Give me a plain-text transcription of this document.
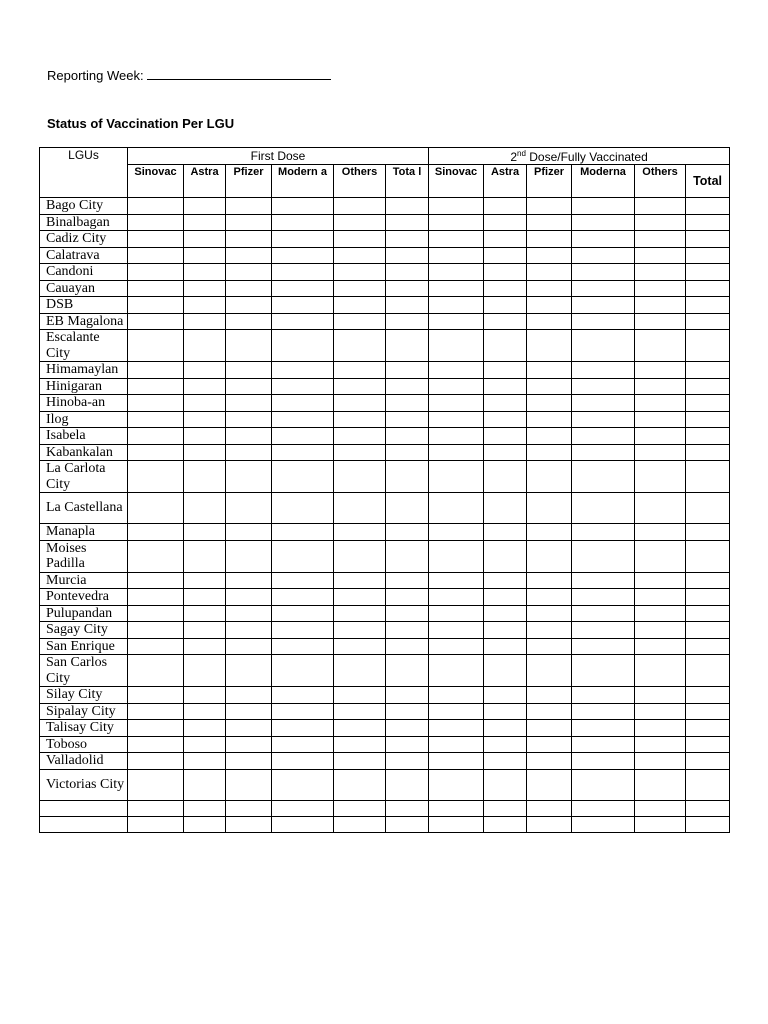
Reporting Week:
Status of Vaccination Per LGU
LGUs	First Dose						2nd Dose/Fully Vaccinated					
	Sinovac	Astra	Pfizer	Modern a	Others	Tota l	Sinovac	Astra	Pfizer	Moderna	Others	Total
Bago City												
Binalbagan												
Cadiz City												
Calatrava												
Candoni												
Cauayan												
DSB												
EB Magalona												
Escalante City												
Himamaylan												
Hinigaran												
Hinoba-an												
Ilog												
Isabela												
Kabankalan												
La Carlota City												
La Castellana												
Manapla												
Moises Padilla												
Murcia												
Pontevedra												
Pulupandan												
Sagay City												
San Enrique												
San Carlos City												
Silay City												
Sipalay City												
Talisay City												
Toboso												
Valladolid												
Victorias City												
